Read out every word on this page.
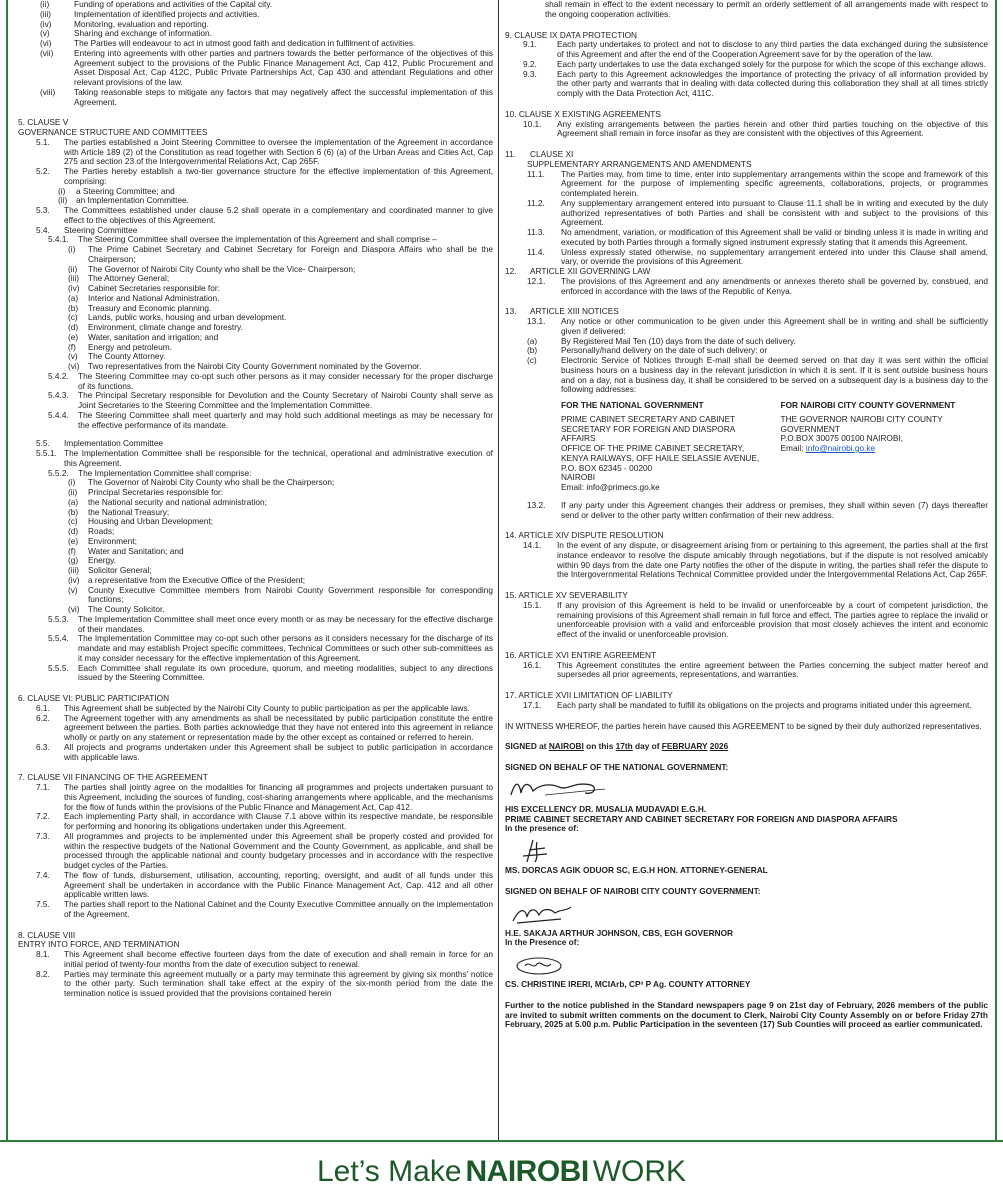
(ii)	Funding of operations and activities of the Capital city.
(iii)	Implementation of identified projects and activities.
(iv)	Monitoring, evaluation and reporting.
(v)	Sharing and exchange of information.
(vi)	The Parties will endeavour to act in utmost good faith and dedication in fulfilment of activities.
(vii)	Entering into agreements with other parties and partners towards the better performance of the objectives of this Agreement subject to the provisions of the Public Finance Management Act, Cap 412, Public Procurement and Asset Disposal Act, Cap 412C, Public Private Partnerships Act, Cap 430 and attendant Regulations and other relevant provisions of the law.
(viii)	Taking reasonable steps to mitigate any factors that may negatively affect the successful implementation of this Agreement.
5. CLAUSE V
GOVERNANCE STRUCTURE AND COMMITTEES
5.1.	The parties established a Joint Steering Committee to oversee the implementation of the Agreement in accordance with Article 189 (2) of the Constitution as read together with Section 6 (6) (a) of the Urban Areas and Cities Act, Cap 275 and section 23 of the Intergovernmental Relations Act, Cap 265F.
5.2.	The Parties hereby establish a two-tier governance structure for the effective implementation of this Agreement, comprising:
(i)	a Steering Committee; and
(ii)	an Implementation Committee.
5.3.	The Committees established under clause 5.2 shall operate in a complementary and coordinated manner to give effect to the objectives of this Agreement.
5.4.	Steering Committee
5.4.1.	The Steering Committee shall oversee the implementation of this Agreement and shall comprise –
(i)	The Prime Cabinet Secretary and Cabinet Secretary for Foreign and Diaspora Affairs who shall be the Chairperson;
(ii)	The Governor of Nairobi City County who shall be the Vice- Chairperson;
(iii)	The Attorney General;
(iv)	Cabinet Secretaries responsible for:
(a)	Interior and National Administration.
(b)	Treasury and Economic planning.
(c)	Lands, public works, housing and urban development.
(d)	Environment, climate change and forestry.
(e)	Water, sanitation and irrigation; and
(f)	Energy and petroleum.
(v)	The County Attorney.
(vi)	Two representatives from the Nairobi City County Government nominated by the Governor.
5.4.2.	The Steering Committee may co-opt such other persons as it may consider necessary for the proper discharge of its functions.
5.4.3.	The Principal Secretary responsible for Devolution and the County Secretary of Nairobi County shall serve as Joint Secretaries to the Steering Committee and the Implementation Committee.
5.4.4.	The Steering Committee shall meet quarterly and may hold such additional meetings as may be necessary for the effective performance of its mandate.
5.5.	Implementation Committee
5.5.1. The Implementation Committee shall be responsible for the technical, operational and administrative execution of this Agreement.
5.5.2.	The Implementation Committee shall comprise:
(i)	The Governor of Nairobi City County who shall be the Chairperson;
(ii)	Principal Secretaries responsible for:
(a)	the National security and national administration;
(b)	the National Treasury;
(c)	Housing and Urban Development;
(d)	Roads;
(e)	Environment;
(f)	Water and Sanitation; and
(g)	Energy.
(iii)	Solicitor General;
(iv)	a representative from the Executive Office of the President;
(v)	County Executive Committee members from Nairobi County Government responsible for corresponding functions;
(vi)	The County Solicitor.
5.5.3.	The Implementation Committee shall meet once every month or as may be necessary for the effective discharge of their mandates.
5.5.4.	The Implementation Committee may co-opt such other persons as it considers necessary for the discharge of its mandate and may establish Project specific committees, Technical Committees or such other sub-committees as it may consider necessary for the effective implementation of this Agreement.
5.5.5.	Each Committee shall regulate its own procedure, quorum, and meeting modalities, subject to any directions issued by the Steering Committee.
6. CLAUSE VI: PUBLIC PARTICIPATION
6.1.	This Agreement shall be subjected by the Nairobi City County to public participation as per the applicable laws.
6.2.	The Agreement together with any amendments as shall be necessitated by public participation constitute the entire agreement between the parties. Both parties acknowledge that they have not entered into this agreement in reliance wholly or partly on any statement or representation made by the other except as contained or referred to herein.
6.3.	All projects and programs undertaken under this Agreement shall be subject to public participation in accordance with applicable laws.
7. CLAUSE VII FINANCING OF THE AGREEMENT
7.1.	The parties shall jointly agree on the modalities for financing all programmes and projects undertaken pursuant to this Agreement, including the sources of funding, cost-sharing arrangements where applicable, and the mechanisms for the flow of funds within the provisions of the Public Finance and Management Act, Cap 412.
7.2.	Each implementing Party shall, in accordance with Clause 7.1 above within its respective mandate, be responsible for performing and honoring its obligations undertaken under this Agreement.
7.3.	All programmes and projects to be implemented under this Agreement shall be properly costed and provided for within the respective budgets of the National Government and the County Government, as applicable, and shall be processed through the applicable national and county budgetary processes and in accordance with the respective budget cycles of the Parties.
7.4.	The flow of funds, disbursement, utilisation, accounting, reporting, oversight, and audit of all funds under this Agreement shall be undertaken in accordance with the Public Finance Management Act, Cap. 412 and all other applicable written laws.
7.5.	The parties shall report to the National Cabinet and the County Executive Committee annually on the implementation of the Agreement.
8. CLAUSE VIII
ENTRY INTO FORCE, AND TERMINATION
8.1.	This Agreement shall become effective fourteen days from the date of execution and shall remain in force for an initial period of twenty-four months from the date of execution subject to renewal.
8.2.	Parties may terminate this agreement mutually or a party may terminate this agreement by giving six months' notice to the other party. Such termination shall take effect at the expiry of the six-month period from the date the termination notice is issued provided that the provisions contained herein
shall remain in effect to the extent necessary to permit an orderly settlement of all arrangements made with respect to the ongoing cooperation activities.
9. CLAUSE IX DATA PROTECTION
9.1.	Each party undertakes to protect and not to disclose to any third parties the data exchanged during the subsistence of this Agreement and after the end of the Cooperation Agreement save for by the operation of the law.
9.2.	Each party undertakes to use the data exchanged solely for the purpose for which the scope of this exchange allows.
9.3.	Each party to this Agreement acknowledges the importance of protecting the privacy of all information provided by the other party and warrants that in dealing with data collected during this collaboration they shall at all times strictly comply with the Data Protection Act, 411C.
10. CLAUSE X EXISTING AGREEMENTS
10.1.	Any existing arrangements between the parties herein and other third parties touching on the objective of this Agreement shall remain in force insofar as they are consistent with the objectives of this Agreement.
11.	CLAUSE XI
SUPPLEMENTARY ARRANGEMENTS AND AMENDMENTS
11.1.	The Parties may, from time to time, enter into supplementary arrangements within the scope and framework of this Agreement for the purpose of implementing specific agreements, collaborations, projects, or programmes contemplated herein.
11.2.	Any supplementary arrangement entered into pursuant to Clause 11.1 shall be in writing and executed by the duly authorized representatives of both Parties and shall be consistent with and subject to the provisions of this Agreement.
11.3.	No amendment, variation, or modification of this Agreement shall be valid or binding unless it is made in writing and executed by both Parties through a formally signed instrument expressly stating that it amends this Agreement.
11.4.	Unless expressly stated otherwise, no supplementary arrangement entered into under this Clause shall amend, vary, or override the provisions of this Agreement.
12.	ARTICLE XII GOVERNING LAW
12.1.	The provisions of this Agreement and any amendments or annexes thereto shall be governed by, construed, and enforced in accordance with the laws of the Republic of Kenya.
13.	ARTICLE XIII NOTICES
13.1.	Any notice or other communication to be given under this Agreement shall be in writing and shall be sufficiently given if delivered:
(a)	By Registered Mail Ten (10) days from the date of such delivery.
(b)	Personally/hand delivery on the date of such delivery: or
(c)	Electronic Service of Notices through E-mail shall be deemed served on that day it was sent within the official business hours on a business day in the relevant jurisdiction in which it is sent. If it is sent outside business hours and on a day, not a business day, it shall be considered to be served on a subsequent day is a business day to the following addresses:
FOR THE NATIONAL GOVERNMENT
PRIME CABINET SECRETARY AND CABINET SECRETARY FOR FOREIGN AND DIASPORA AFFAIRS
OFFICE OF THE PRIME CABINET SECRETARY, KENYA RAILWAYS, OFF HAILE SELASSIE AVENUE,
P.O. BOX 62345 - 00200
NAIROBI
Email: info@primecs.go.ke
FOR NAIROBI CITY COUNTY GOVERNMENT
THE GOVERNOR NAIROBI CITY COUNTY GOVERNMENT
P.O.BOX 30075 00100 NAIROBI,
Email: info@nairobi.go.ke
13.2.	If any party under this Agreement changes their address or premises, they shall within seven (7) days thereafter send or deliver to the other party written confirmation of their new address.
14. ARTICLE XIV DISPUTE RESOLUTION
14.1.	In the event of any dispute, or disagreement arising from or pertaining to this agreement, the parties shall at the first instance endeavor to resolve the dispute amicably through negotiations, but if the dispute is not resolved amicably within 90 days from the date one Party notifies the other of the dispute in writing, the parties shall refer the dispute to the Intergovernmental Relations Technical Committee provided under the Intergovernmental Relations Act, Cap 265F.
15. ARTICLE XV SEVERABILITY
15.1.	If any provision of this Agreement is held to be invalid or unenforceable by a court of competent jurisdiction, the remaining provisions of this Agreement shall remain in full force and effect. The parties agree to replace the invalid or unenforceable provision with a valid and enforceable provision that most closely achieves the intent and economic effect of the invalid or unenforceable provision.
16. ARTICLE XVI ENTIRE AGREEMENT
16.1.	This Agreement constitutes the entire agreement between the Parties concerning the subject matter hereof and supersedes all prior agreements, representations, and warranties.
17. ARTICLE XVII LIMITATION OF LIABILITY
17.1.	Each party shall be mandated to fulfill its obligations on the projects and programs initiated under this agreement.
IN WITNESS WHEREOF, the parties herein have caused this AGREEMENT to be signed by their duly authorized representatives.
SIGNED at NAIROBI on this 17th day of FEBRUARY 2026
SIGNED ON BEHALF OF THE NATIONAL GOVERNMENT:
HIS EXCELLENCY DR. MUSALIA MUDAVADI E.G.H.
PRIME CABINET SECRETARY AND CABINET SECRETARY FOR FOREIGN AND DIASPORA AFFAIRS
In the presence of:
MS. DORCAS AGIK ODUOR SC, E.G.H HON. ATTORNEY-GENERAL
SIGNED ON BEHALF OF NAIROBI CITY COUNTY GOVERNMENT:
H.E. SAKAJA ARTHUR JOHNSON, CBS, EGH GOVERNOR
In the Presence of:
CS. CHRISTINE IRERI, MCIArb, CP³ P Ag. COUNTY ATTORNEY
Further to the notice published in the Standard newspapers page 9 on 21st day of February, 2026 members of the public are invited to submit written comments on the document to Clerk, Nairobi City County Assembly on or before Friday 27th February, 2025 at 5.00 p.m. Public Participation in the seventeen (17) Sub Counties will proceed as earlier communicated.
Let’s Make NAIROBI WORK
